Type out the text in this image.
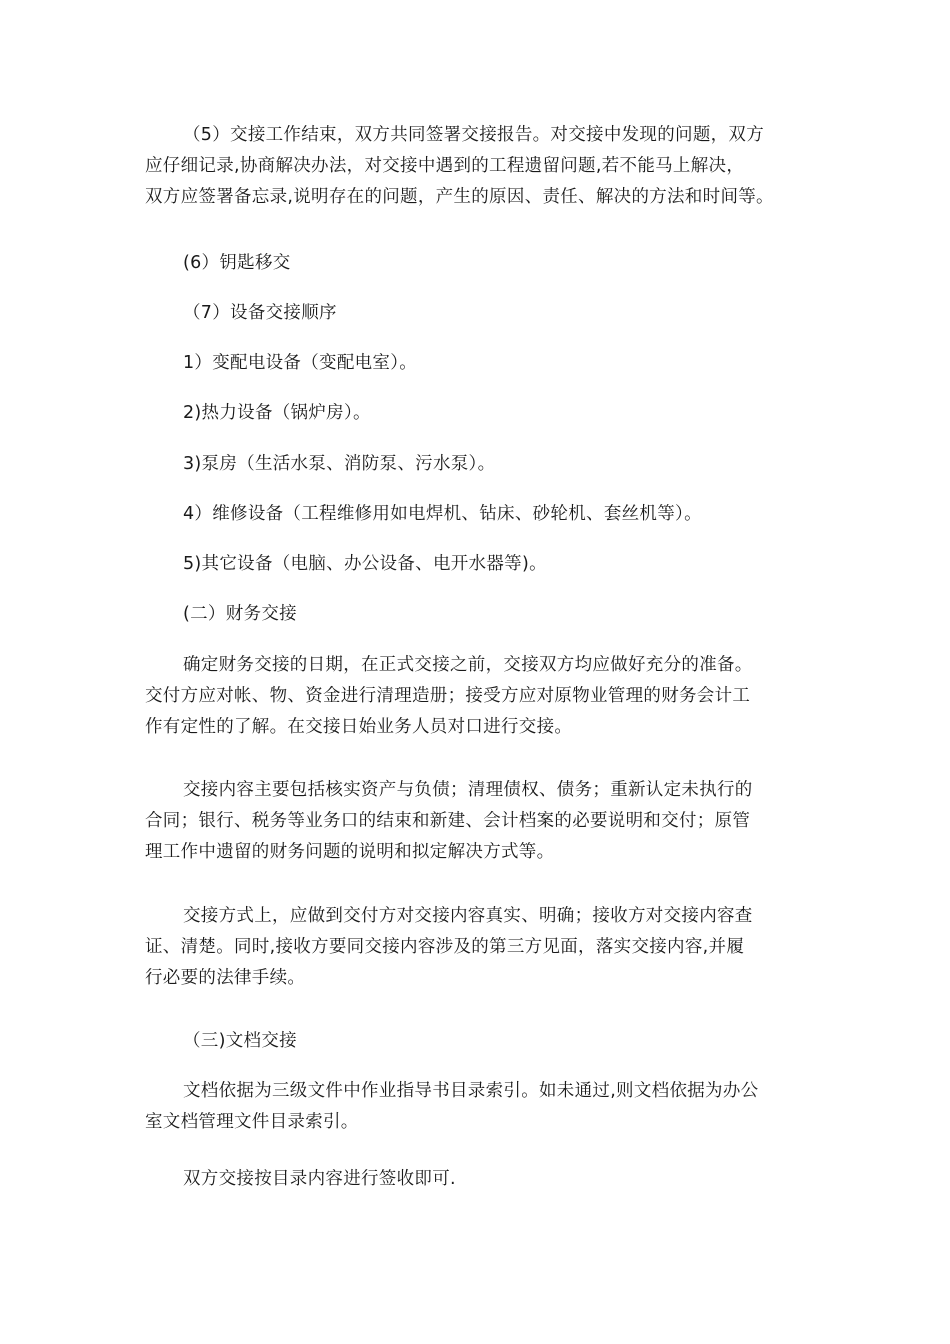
（5）交接工作结束，双方共同签署交接报告。对交接中发现的问题，双方
应仔细记录,协商解决办法，对交接中遇到的工程遗留问题,若不能马上解决，
双方应签署备忘录,说明存在的问题，产生的原因、责任、解决的方法和时间等。

(6）钥匙移交

（7）设备交接顺序

1）变配电设备（变配电室）。

2)热力设备（锅炉房）。

3)泵房（生活水泵、消防泵、污水泵）。

4）维修设备（工程维修用如电焊机、钻床、砂轮机、套丝机等）。

5)其它设备（电脑、办公设备、电开水器等)。

(二）财务交接

确定财务交接的日期，在正式交接之前，交接双方均应做好充分的准备。
交付方应对帐、物、资金进行清理造册；接受方应对原物业管理的财务会计工
作有定性的了解。在交接日始业务人员对口进行交接。

交接内容主要包括核实资产与负债；清理债权、债务；重新认定未执行的
合同；银行、税务等业务口的结束和新建、会计档案的必要说明和交付；原管
理工作中遗留的财务问题的说明和拟定解决方式等。

交接方式上，应做到交付方对交接内容真实、明确；接收方对交接内容查
证、清楚。同时,接收方要同交接内容涉及的第三方见面，落实交接内容,并履
行必要的法律手续。

（三)文档交接

文档依据为三级文件中作业指导书目录索引。如未通过,则文档依据为办公
室文档管理文件目录索引。

双方交接按目录内容进行签收即可.
